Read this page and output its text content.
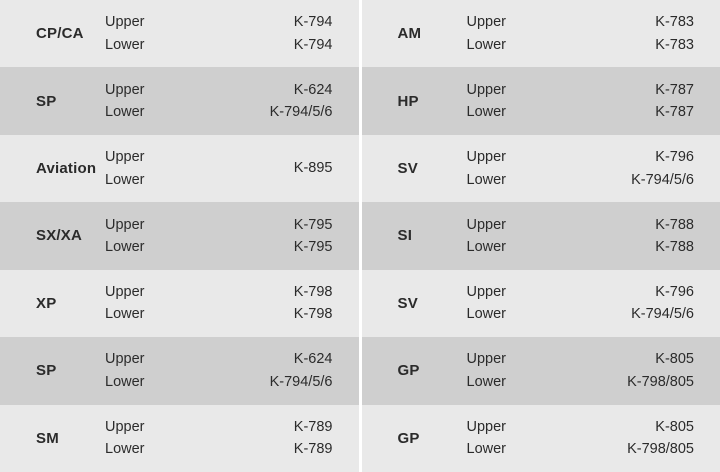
CP/CA
Upper
Lower
K-794
K-794
AM
Upper
Lower
K-783
K-783
SP
Upper
Lower
K-624
K-794/5/6
HP
Upper
Lower
K-787
K-787
Aviation
Upper
Lower
K-895	SV
Upper
Lower
K-796
K-794/5/6
SX/XA
Upper
Lower
K-795
K-795
SI
Upper
Lower
K-788
K-788
XP
Upper
Lower
K-798
K-798
SV
Upper
Lower
K-796
K-794/5/6
SP
Upper
Lower
K-624
K-794/5/6
GP
Upper
Lower
K-805
K-798/805
SM
Upper
Lower
K-789
K-789
GP
Upper
Lower
K-805
K-798/805
